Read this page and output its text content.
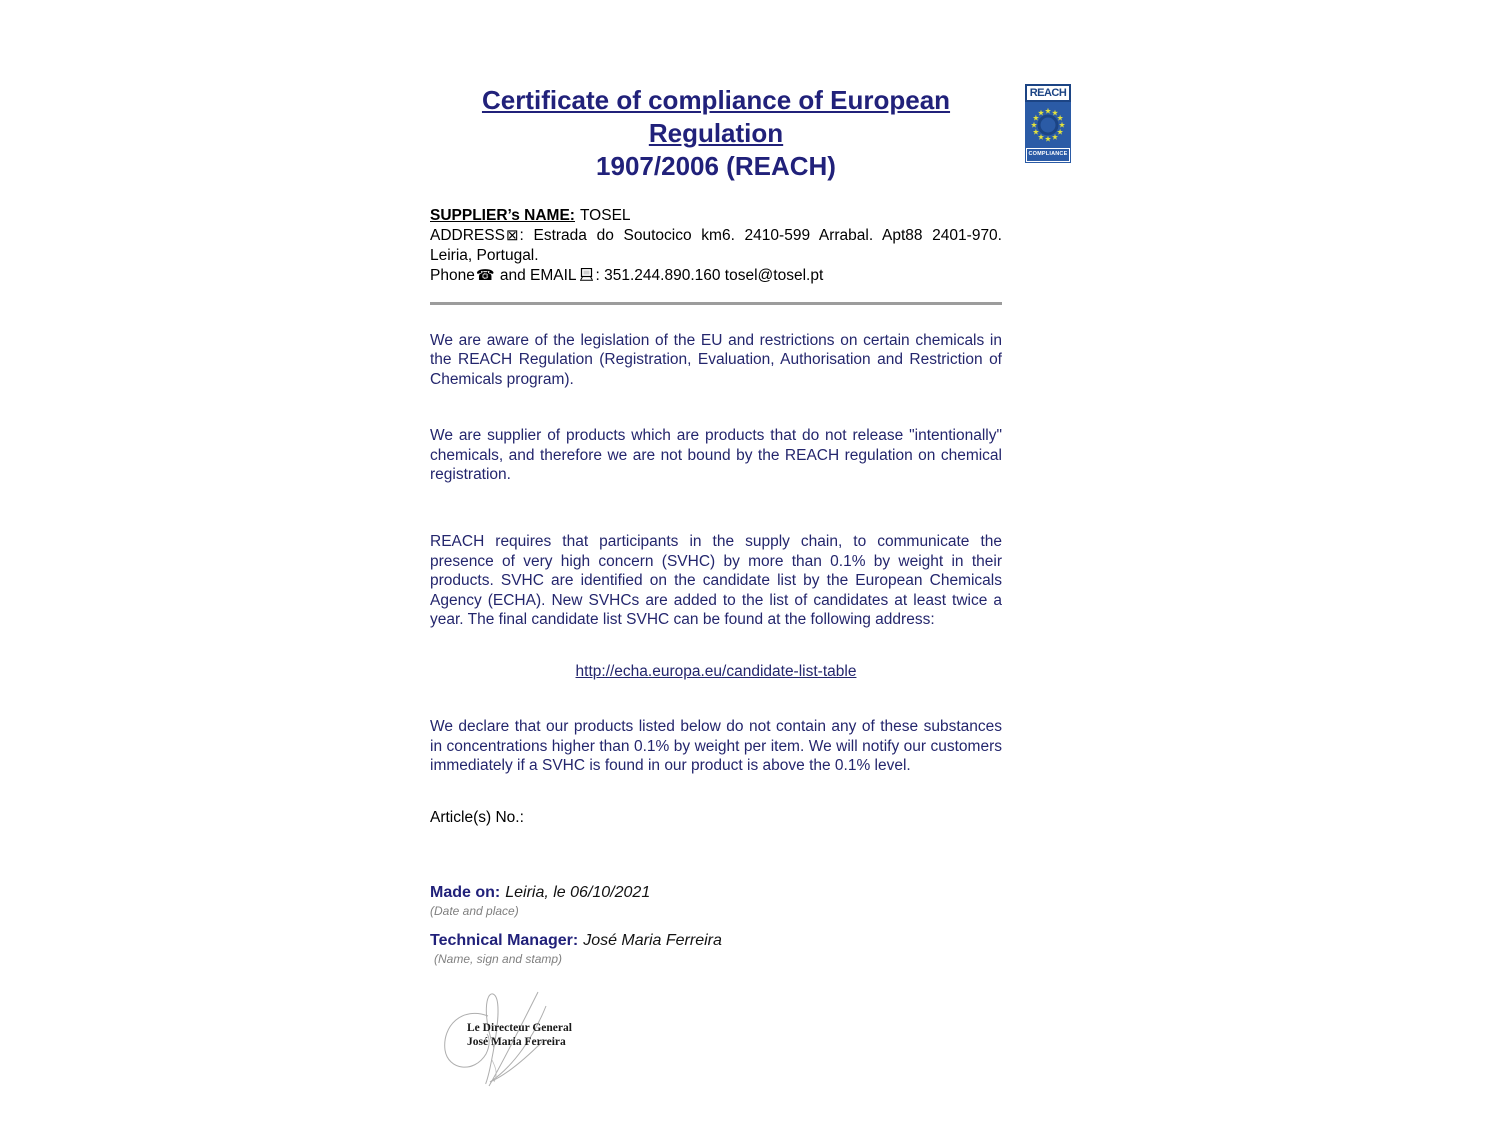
Certificate of compliance of European Regulation
1907/2006 (REACH)

SUPPLIER’s NAME: TOSEL

ADDRESS⊠: Estrada do Soutocico km6. 2410-599 Arrabal. Apt88 2401-970. Leiria, Portugal.

Phone☎ and EMAIL : 351.244.890.160 tosel@tosel.pt

We are aware of the legislation of the EU and restrictions on certain chemicals in the REACH Regulation (Registration, Evaluation, Authorisation and Restriction of Chemicals program).

We are supplier of products which are products that do not release "intentionally" chemicals, and therefore we are not bound by the REACH regulation on chemical registration.

REACH requires that participants in the supply chain, to communicate the presence of very high concern (SVHC) by more than 0.1% by weight in their products. SVHC are identified on the candidate list by the European Chemicals Agency (ECHA). New SVHCs are added to the list of candidates at least twice a year. The final candidate list SVHC can be found at the following address:

http://echa.europa.eu/candidate-list-table

We declare that our products listed below do not contain any of these substances in concentrations higher than 0.1% by weight per item. We will notify our customers immediately if a SVHC is found in our product is above the 0.1% level.

Article(s) No.:

Made on: Leiria, le 06/10/2021
(Date and place)
Technical Manager: José Maria Ferreira
(Name, sign and stamp)
Le Directeur General
José Maria Ferreira
REACH
COMPLIANCE
